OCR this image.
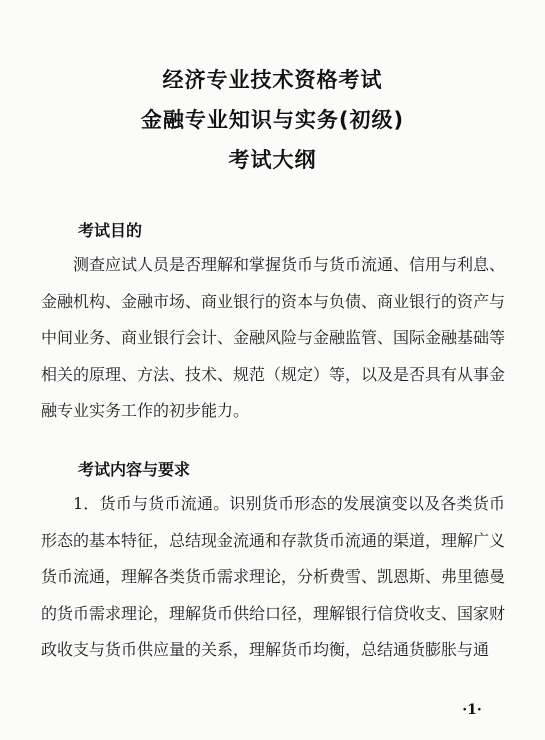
经济专业技术资格考试
金融专业知识与实务(初级)
考试大纲
考试目的

测查应试人员是否理解和掌握货币与货币流通、信用与利息、金融机构、金融市场、商业银行的资本与负债、商业银行的资产与中间业务、商业银行会计、金融风险与金融监管、国际金融基础等相关的原理、方法、技术、规范（规定）等，以及是否具有从事金融专业实务工作的初步能力。

考试内容与要求

1．货币与货币流通。识别货币形态的发展演变以及各类货币形态的基本特征，总结现金流通和存款货币流通的渠道，理解广义货币流通，理解各类货币需求理论，分析费雪、凯恩斯、弗里德曼的货币需求理论，理解货币供给口径，理解银行信贷收支、国家财政收支与货币供应量的关系，理解货币均衡，总结通货膨胀与通

·1·
